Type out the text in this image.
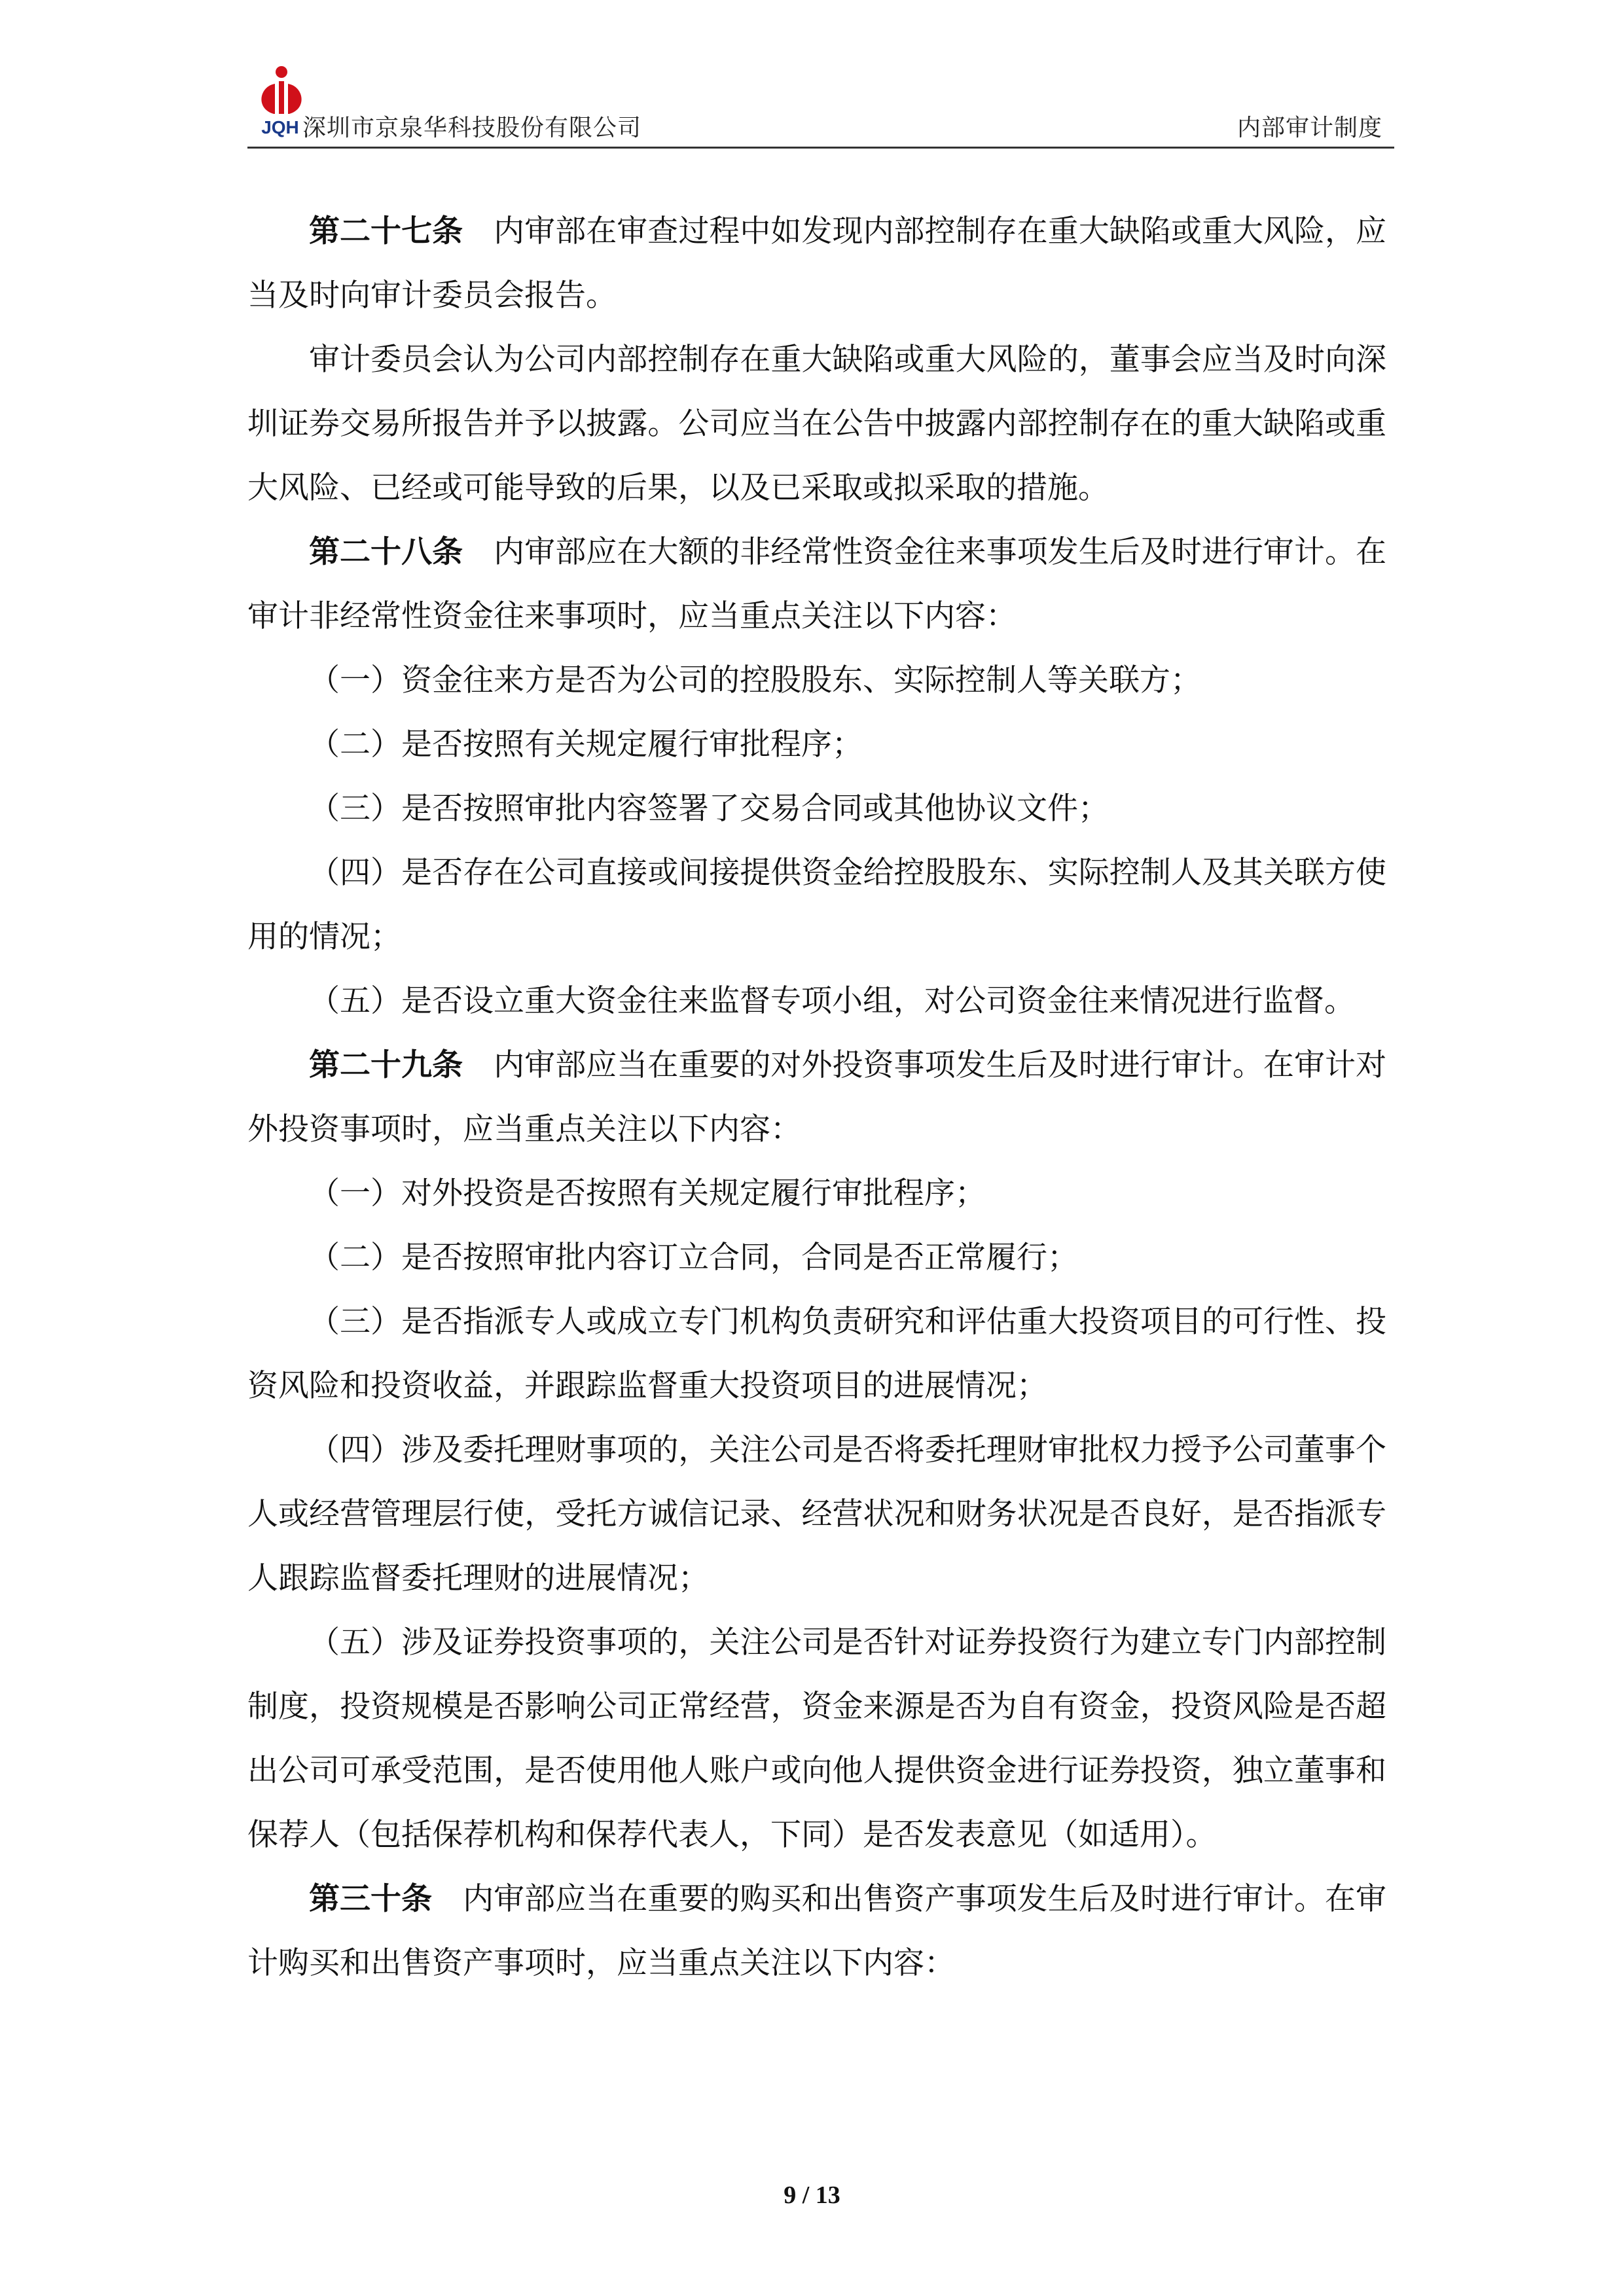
JQH 深圳市京泉华科技股份有限公司	内部审计制度

第二十七条 内审部在审查过程中如发现内部控制存在重大缺陷或重大风险，应当及时向审计委员会报告。

审计委员会认为公司内部控制存在重大缺陷或重大风险的，董事会应当及时向深圳证券交易所报告并予以披露。公司应当在公告中披露内部控制存在的重大缺陷或重大风险、已经或可能导致的后果，以及已采取或拟采取的措施。

第二十八条 内审部应在大额的非经常性资金往来事项发生后及时进行审计。在审计非经常性资金往来事项时，应当重点关注以下内容：

（一）资金往来方是否为公司的控股股东、实际控制人等关联方；

（二）是否按照有关规定履行审批程序；

（三）是否按照审批内容签署了交易合同或其他协议文件；

（四）是否存在公司直接或间接提供资金给控股股东、实际控制人及其关联方使用的情况；

（五）是否设立重大资金往来监督专项小组，对公司资金往来情况进行监督。

第二十九条 内审部应当在重要的对外投资事项发生后及时进行审计。在审计对外投资事项时，应当重点关注以下内容：

（一）对外投资是否按照有关规定履行审批程序；

（二）是否按照审批内容订立合同，合同是否正常履行；

（三）是否指派专人或成立专门机构负责研究和评估重大投资项目的可行性、投资风险和投资收益，并跟踪监督重大投资项目的进展情况；

（四）涉及委托理财事项的，关注公司是否将委托理财审批权力授予公司董事个人或经营管理层行使，受托方诚信记录、经营状况和财务状况是否良好，是否指派专人跟踪监督委托理财的进展情况；

（五）涉及证券投资事项的，关注公司是否针对证券投资行为建立专门内部控制制度，投资规模是否影响公司正常经营，资金来源是否为自有资金，投资风险是否超出公司可承受范围，是否使用他人账户或向他人提供资金进行证券投资，独立董事和保荐人（包括保荐机构和保荐代表人，下同）是否发表意见（如适用）。

第三十条 内审部应当在重要的购买和出售资产事项发生后及时进行审计。在审计购买和出售资产事项时，应当重点关注以下内容：

9 / 13
